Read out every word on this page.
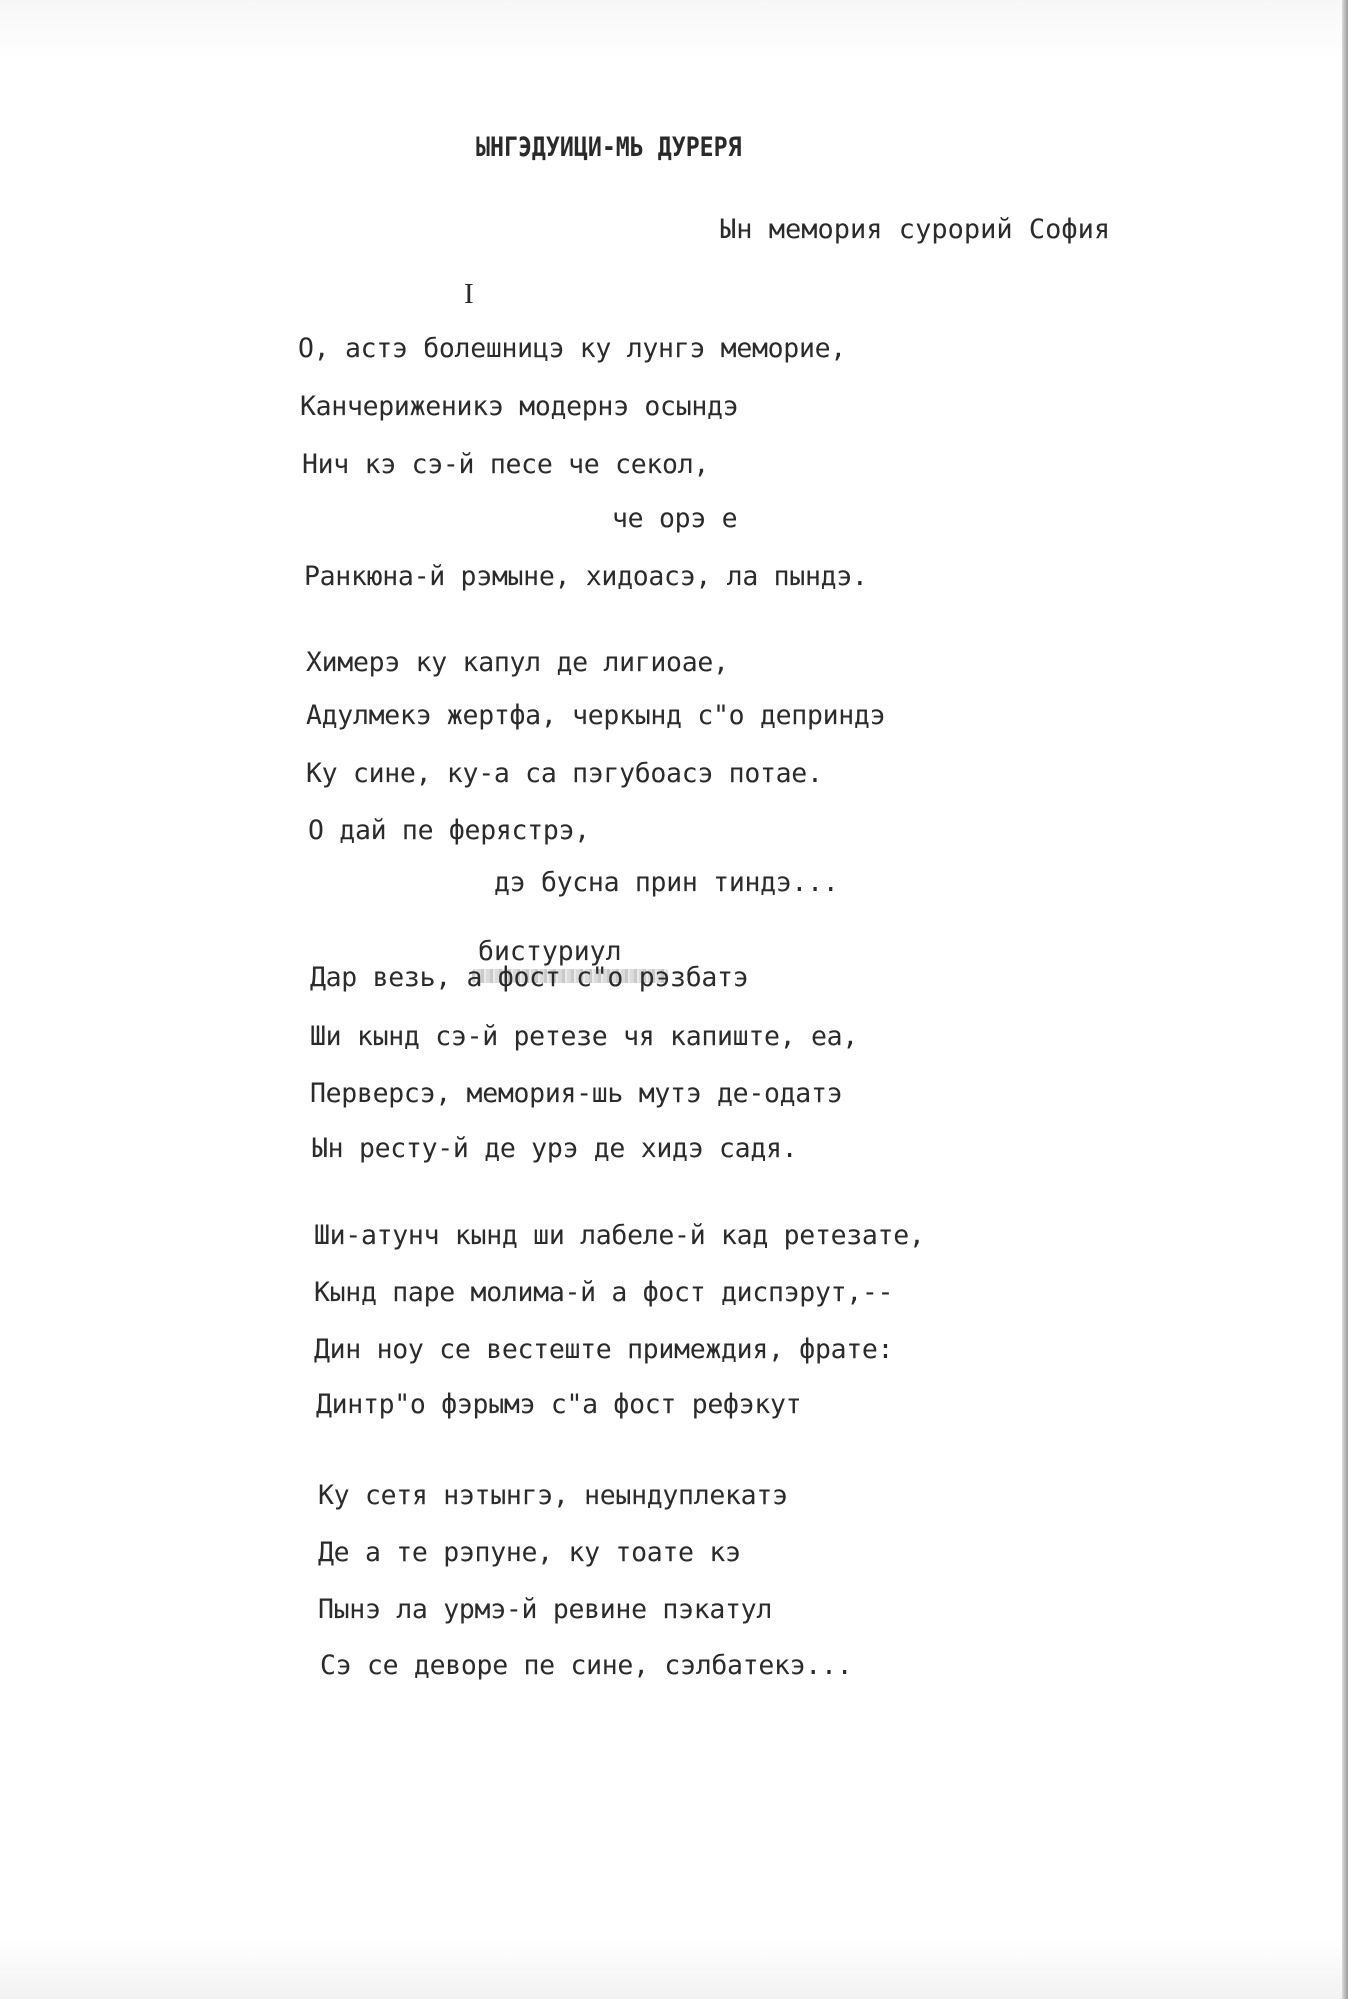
ЫНГЭДУИЦИ-МЬ ДУРЕРЯ
Ын мемория сурорий София
I
О, астэ болешницэ ку лунгэ меморие,
Канчериженикэ модернэ осындэ
Нич кэ сэ-й песе че секол,
че орэ е
Ранкюна-й рэмыне, хидоасэ, ла пындэ.
Химерэ ку капул де лигиоае,
Адулмекэ жертфа, черкынд с"о деприндэ
Ку сине, ку-а са пэгубоасэ потае.
О дай пе ферястрэ,
дэ бусна прин тиндэ...
бистуриул
Дар везь, a фост с"о рэзбатэ
Ши кынд сэ-й ретезе чя капиште, еа,
Перверсэ, мемория-шь мутэ де-одатэ
Ын ресту-й де урэ де хидэ садя.
Ши-атунч кынд ши лабеле-й кад ретезате,
Кынд паре молима-й а фост диспэрут,--
Дин ноу се вестеште примеждия, фрате:
Динтр"о фэрымэ с"а фост рефэкут
Ку сетя нэтынгэ, неындуплекатэ
Де а те рэпуне, ку тоате кэ
Пынэ ла урмэ-й ревине пэкатул
Сэ се деворе пе сине, сэлбатекэ...
